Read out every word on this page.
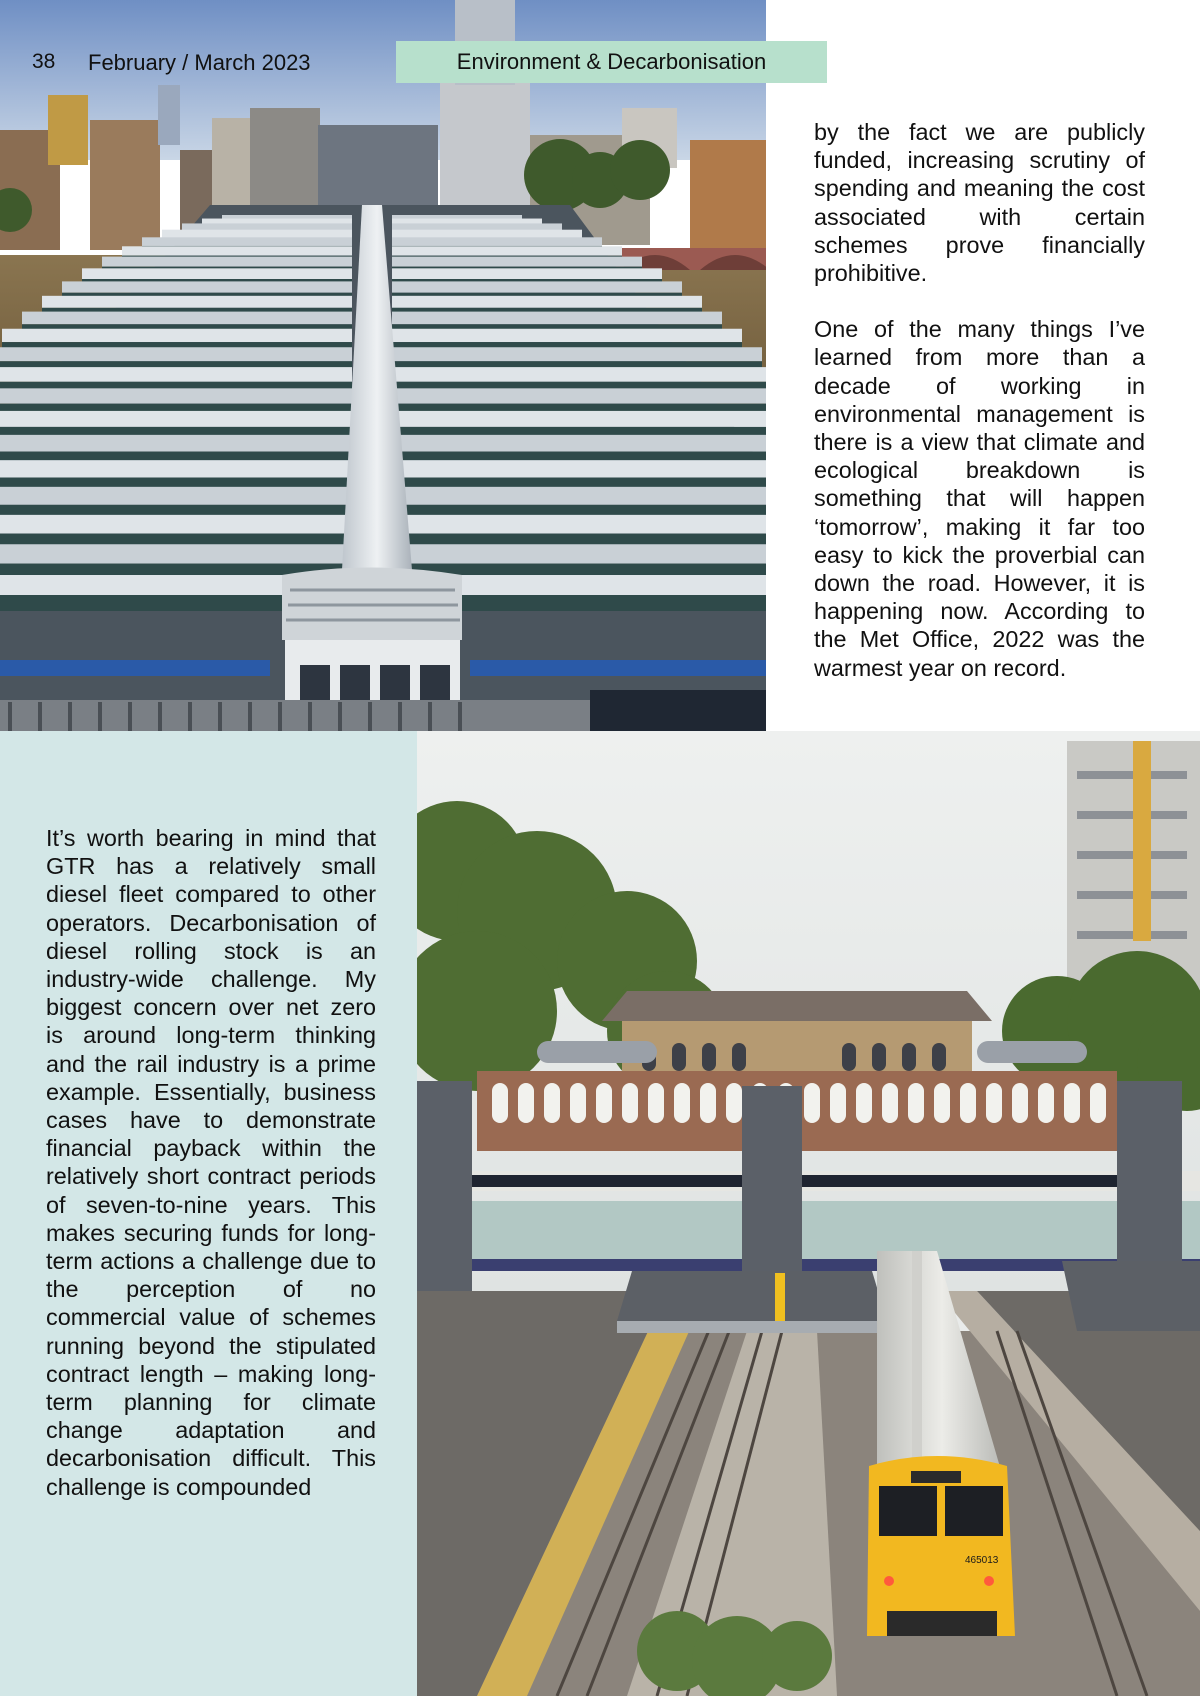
38 February / March 2023	Environment & Decarbonisation

by the fact we are publicly funded, increasing scrutiny of spending and meaning the cost associated with certain schemes prove financially prohibitive.

One of the many things I’ve learned from more than a decade of working in environmental management is there is a view that climate and ecological breakdown is something that will happen ‘tomorrow’, making it far too easy to kick the proverbial can down the road. However, it is happening now. According to the Met Office, 2022 was the warmest year on record.

It’s worth bearing in mind that GTR has a relatively small diesel fleet compared to other operators. Decarbonisation of diesel rolling stock is an industry-wide challenge. My biggest concern over net zero is around long-term thinking and the rail industry is a prime example. Essentially, business cases have to demonstrate financial payback within the relatively short contract periods of seven-to-nine years. This makes securing funds for long-term actions a challenge due to the perception of no commercial value of schemes running beyond the stipulated contract length – making long-term planning for climate change adaptation and decarbonisation difficult. This challenge is compounded

465013
